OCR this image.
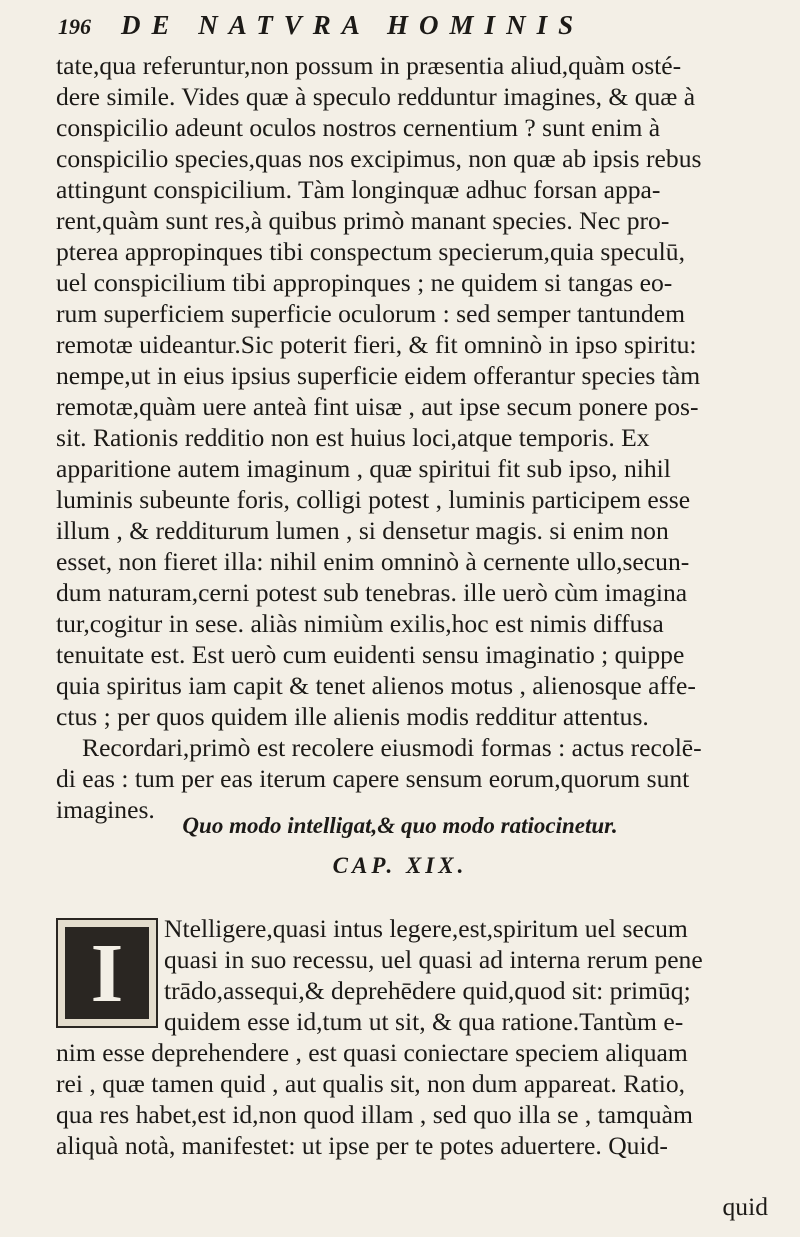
196 DE NATVRA HOMINIS
tate,qua referuntur,non possum in præsentia aliud,quàm osté-
dere simile. Vides quæ à speculo redduntur imagines, & quæ à
conspicilio adeunt oculos nostros cernentium ? sunt enim à
conspicilio species,quas nos excipimus, non quæ ab ipsis rebus
attingunt conspicilium. Tàm longinquæ adhuc forsan appa-
rent,quàm sunt res,à quibus primò manant species. Nec pro-
pterea appropinques tibi conspectum specierum,quia speculū,
uel conspicilium tibi appropinques ; ne quidem si tangas eo-
rum superficiem superficie oculorum : sed semper tantundem
remotæ uideantur.Sic poterit fieri, & fit omninò in ipso spiritu:
nempe,ut in eius ipsius superficie eidem offerantur species tàm
remotæ,quàm uere anteà fint uisæ , aut ipse secum ponere pos-
sit. Rationis redditio non est huius loci,atque temporis. Ex
apparitione autem imaginum , quæ spiritui fit sub ipso, nihil
luminis subeunte foris, colligi potest , luminis participem esse
illum , & redditurum lumen , si densetur magis. si enim non
esset, non fieret illa: nihil enim omninò à cernente ullo,secun-
dum naturam,cerni potest sub tenebras. ille uerò cùm imagina
tur,cogitur in sese. aliàs nimiùm exilis,hoc est nimis diffusa
tenuitate est. Est uerò cum euidenti sensu imaginatio ; quippe
quia spiritus iam capit & tenet alienos motus , alienosque affe-
ctus ; per quos quidem ille alienis modis redditur attentus.
Recordari,primò est recolere eiusmodi formas : actus recolē-
di eas : tum per eas iterum capere sensum eorum,quorum sunt
imagines.
Quo modo intelligat,& quo modo ratiocinetur.
CAP. XIX.
I	Ntelligere,quasi intus legere,est,spiritum uel secum
quasi in suo recessu, uel quasi ad interna rerum pene
trādo,assequi,& deprehēdere quid,quod sit: primūq;
quidem esse id,tum ut sit, & qua ratione.Tantùm e-
nim esse deprehendere , est quasi coniectare speciem aliquam
rei , quæ tamen quid , aut qualis sit, non dum appareat. Ratio,
qua res habet,est id,non quod illam , sed quo illa se , tamquàm
aliquà notà, manifestet: ut ipse per te potes aduertere. Quid-
quid
